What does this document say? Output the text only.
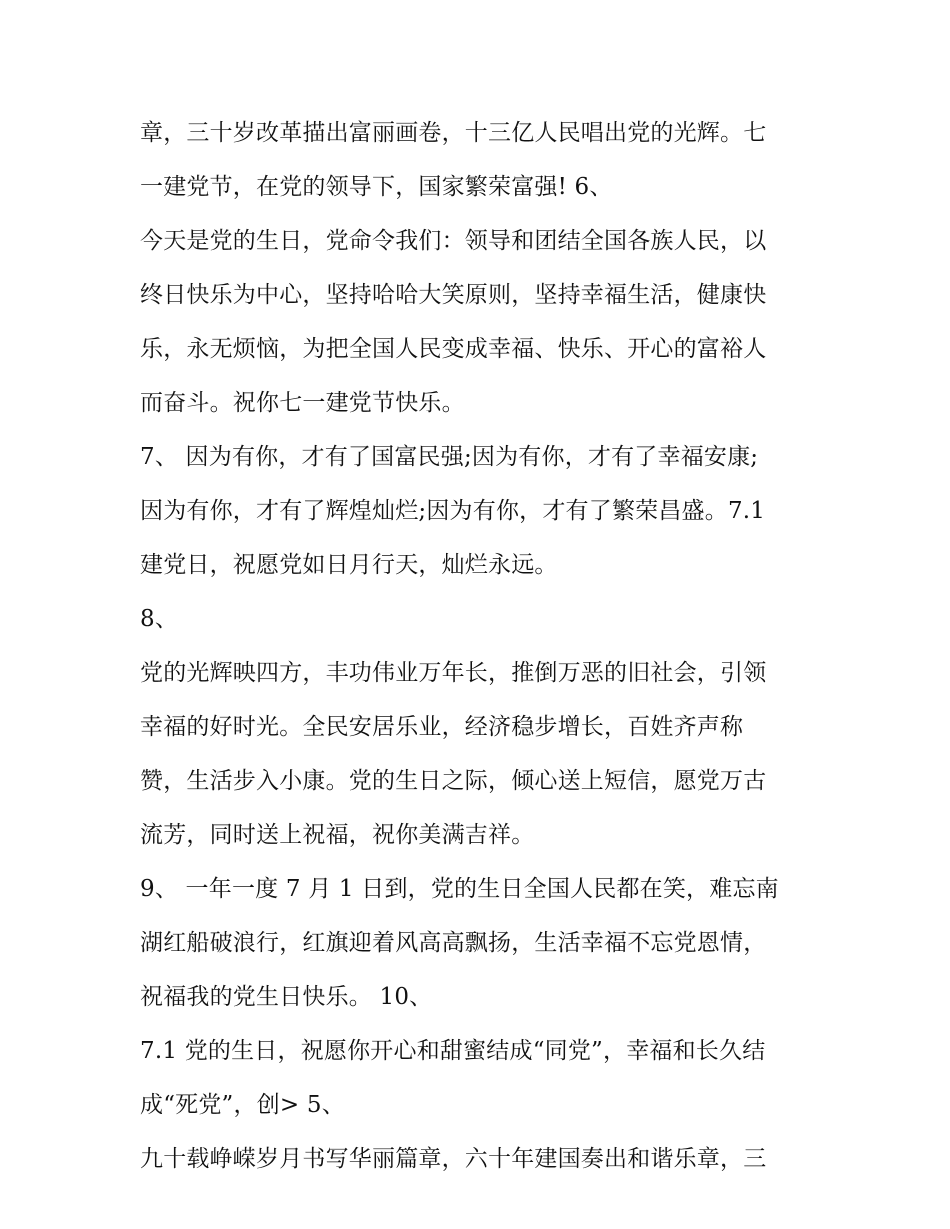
章，三十岁改革描出富丽画卷，十三亿人民唱出党的光辉。七
一建党节，在党的领导下，国家繁荣富强! 6、
今天是党的生日，党命令我们：领导和团结全国各族人民，以
终日快乐为中心，坚持哈哈大笑原则，坚持幸福生活，健康快
乐，永无烦恼，为把全国人民变成幸福、快乐、开心的富裕人
而奋斗。祝你七一建党节快乐。
7、 因为有你，才有了国富民强;因为有你，才有了幸福安康;
因为有你，才有了辉煌灿烂;因为有你，才有了繁荣昌盛。7.1
建党日，祝愿党如日月行天，灿烂永远。
8、
党的光辉映四方，丰功伟业万年长，推倒万恶的旧社会，引领
幸福的好时光。全民安居乐业，经济稳步增长，百姓齐声称
赞，生活步入小康。党的生日之际，倾心送上短信，愿党万古
流芳，同时送上祝福，祝你美满吉祥。
9、 一年一度 7 月 1 日到，党的生日全国人民都在笑，难忘南
湖红船破浪行，红旗迎着风高高飘扬，生活幸福不忘党恩情，
祝福我的党生日快乐。 10、
7.1 党的生日，祝愿你开心和甜蜜结成“同党”，幸福和长久结
成“死党”，创> 5、
九十载峥嵘岁月书写华丽篇章，六十年建国奏出和谐乐章，三
